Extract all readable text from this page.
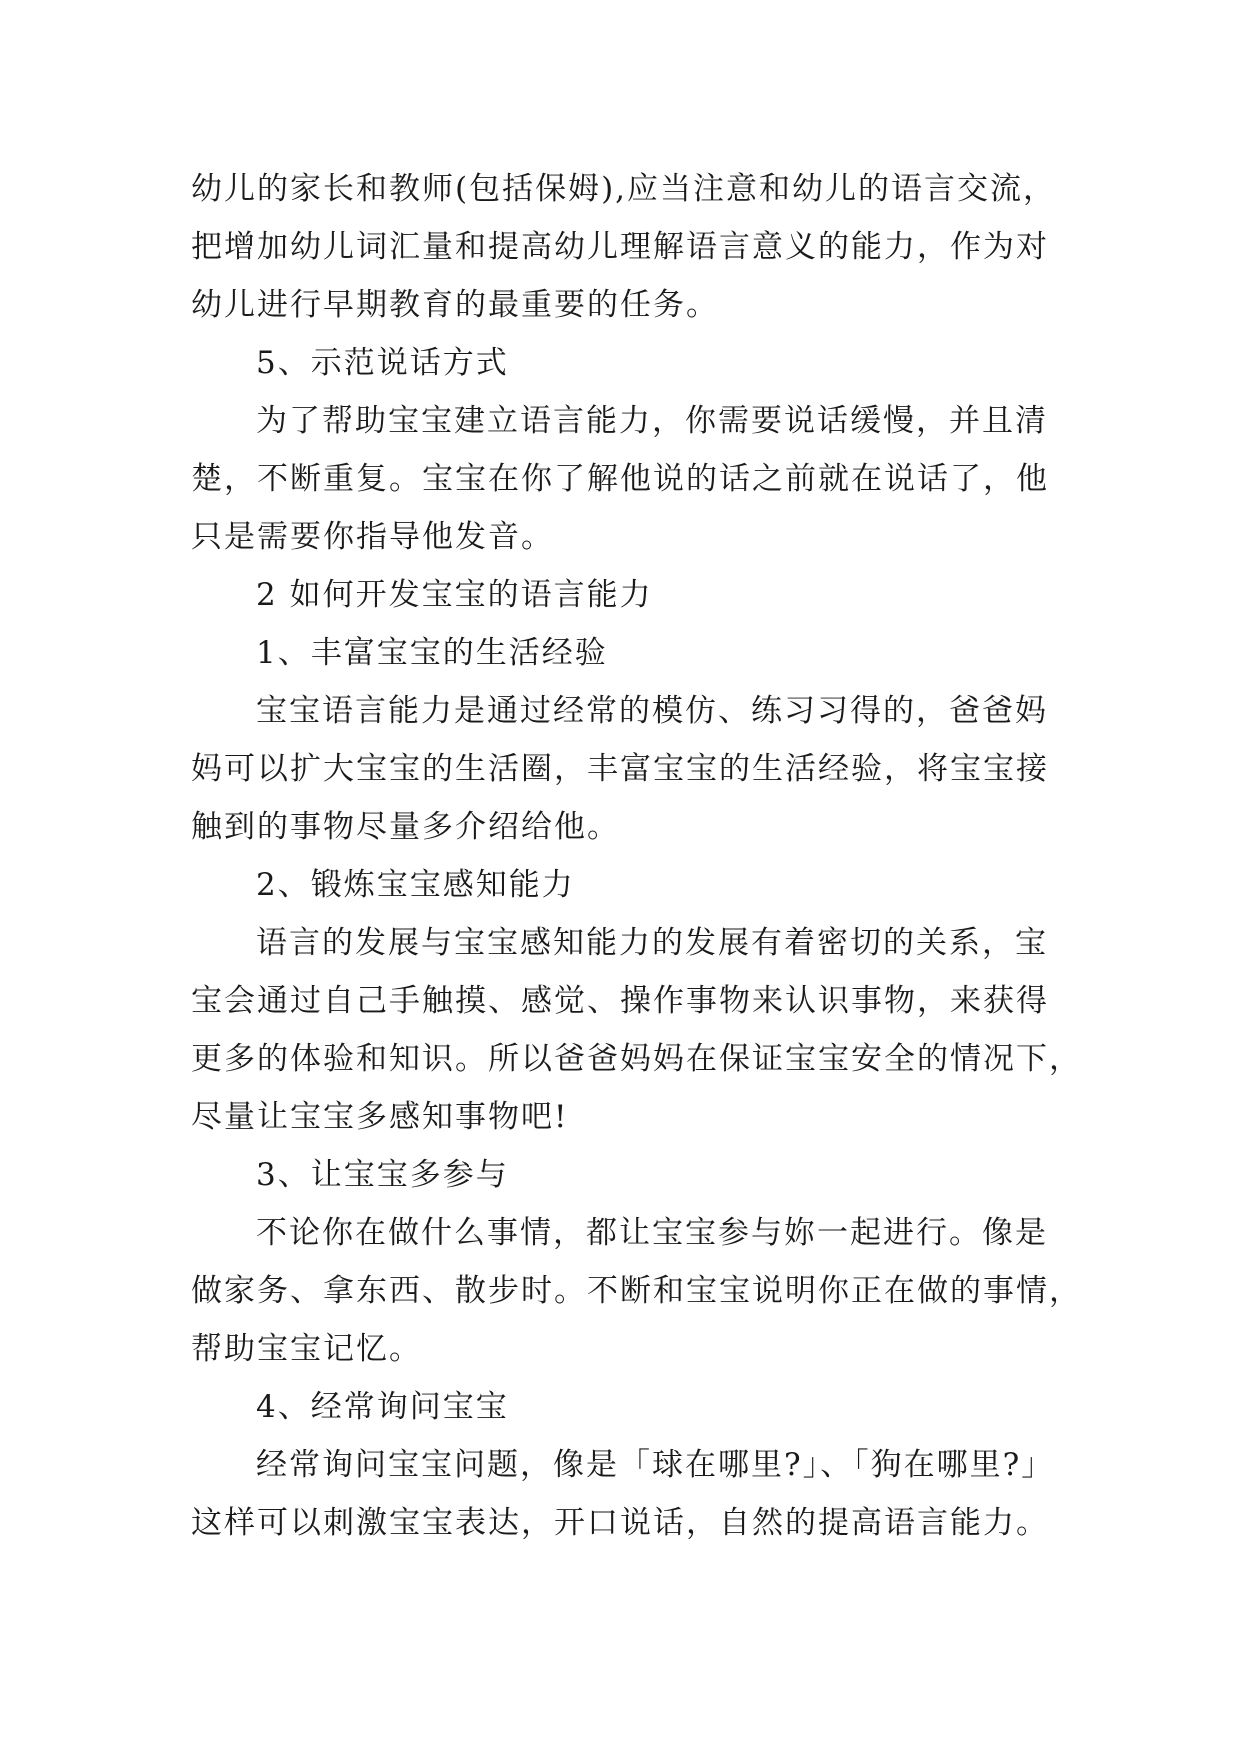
幼儿的家长和教师(包括保姆),应当注意和幼儿的语言交流，
把增加幼儿词汇量和提高幼儿理解语言意义的能力，作为对
幼儿进行早期教育的最重要的任务。
5、示范说话方式
为了帮助宝宝建立语言能力，你需要说话缓慢，并且清
楚，不断重复。宝宝在你了解他说的话之前就在说话了，他
只是需要你指导他发音。
2 如何开发宝宝的语言能力
1、丰富宝宝的生活经验
宝宝语言能力是通过经常的模仿、练习习得的，爸爸妈
妈可以扩大宝宝的生活圈，丰富宝宝的生活经验，将宝宝接
触到的事物尽量多介绍给他。
2、锻炼宝宝感知能力
语言的发展与宝宝感知能力的发展有着密切的关系，宝
宝会通过自己手触摸、感觉、操作事物来认识事物，来获得
更多的体验和知识。所以爸爸妈妈在保证宝宝安全的情况下，
尽量让宝宝多感知事物吧!
3、让宝宝多参与
不论你在做什么事情，都让宝宝参与妳一起进行。像是
做家务、拿东西、散步时。不断和宝宝说明你正在做的事情，
帮助宝宝记忆。
4、经常询问宝宝
经常询问宝宝问题，像是「球在哪里?」、「狗在哪里?」
这样可以刺激宝宝表达，开口说话，自然的提高语言能力。
